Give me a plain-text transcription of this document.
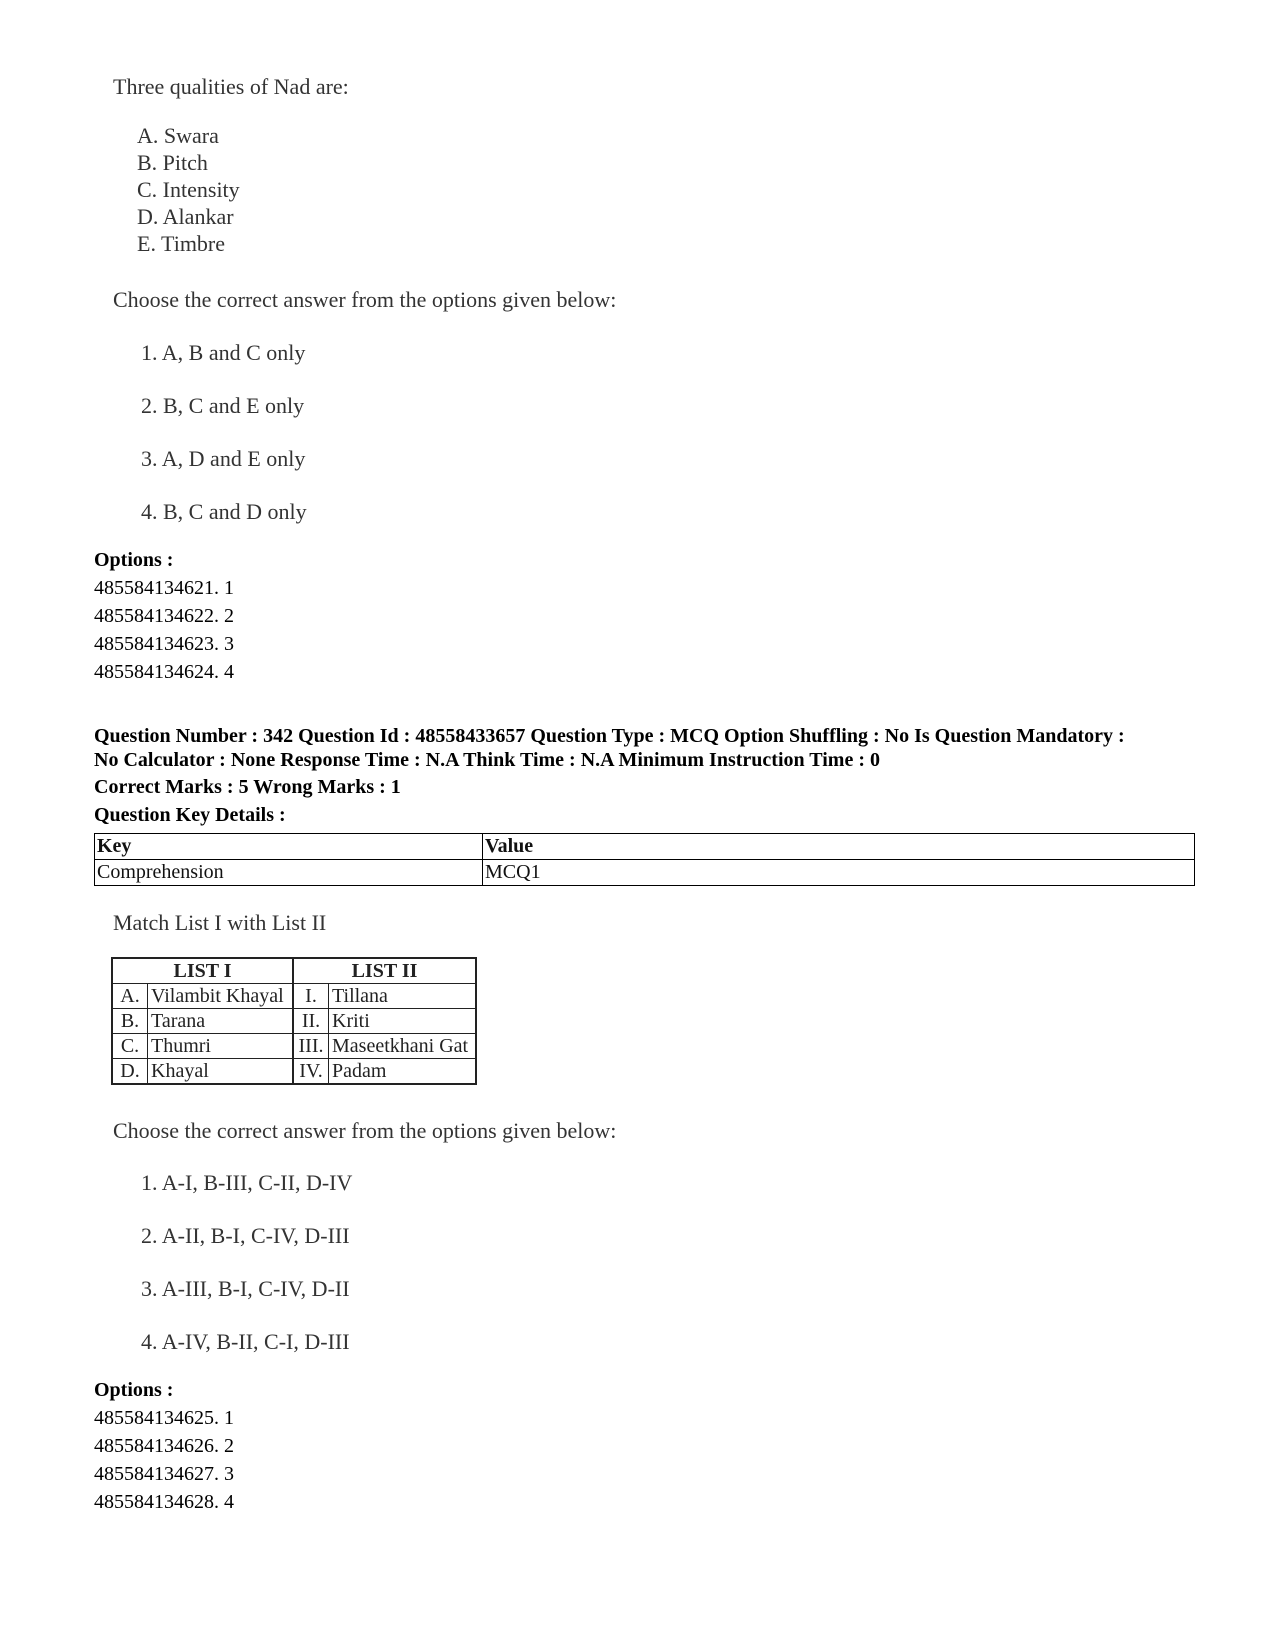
Three qualities of Nad are:
A. Swara
B. Pitch
C. Intensity
D. Alankar
E. Timbre
Choose the correct answer from the options given below:
1. A, B and C only
2. B, C and E only
3. A, D and E only
4. B, C and D only
Options :
485584134621. 1
485584134622. 2
485584134623. 3
485584134624. 4
Question Number : 342 Question Id : 48558433657 Question Type : MCQ Option Shuffling : No Is Question Mandatory :
No Calculator : None Response Time : N.A Think Time : N.A Minimum Instruction Time : 0
Correct Marks : 5 Wrong Marks : 1
Question Key Details :
Key	Value
Comprehension	MCQ1
Match List I with List II
LIST I		LIST II	
A.	Vilambit Khayal	I.	Tillana
B.	Tarana	II.	Kriti
C.	Thumri	III.	Maseetkhani Gat
D.	Khayal	IV.	Padam
Choose the correct answer from the options given below:
1. A-I, B-III, C-II, D-IV
2. A-II, B-I, C-IV, D-III
3. A-III, B-I, C-IV, D-II
4. A-IV, B-II, C-I, D-III
Options :
485584134625. 1
485584134626. 2
485584134627. 3
485584134628. 4
